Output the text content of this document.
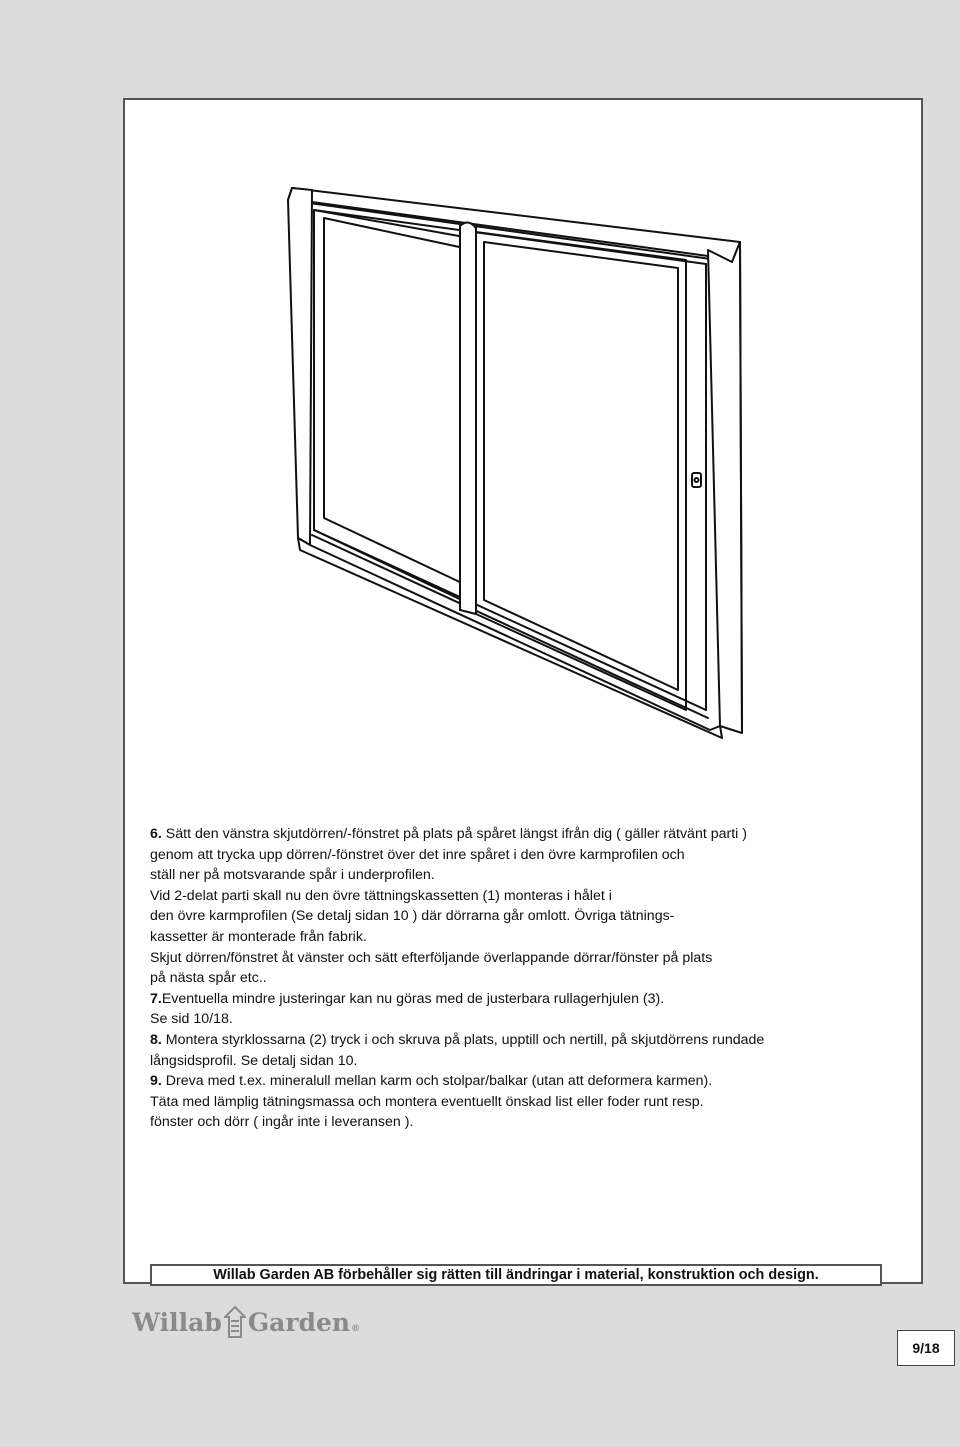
6. Sätt den vänstra skjutdörren/-fönstret på plats på spåret längst ifrån dig ( gäller rätvänt parti )

genom att trycka upp dörren/-fönstret över det inre spåret i den övre karmprofilen och

ställ ner på motsvarande spår i underprofilen.

Vid 2-delat parti skall nu den övre tättningskassetten (1) monteras i hålet i

den övre karmprofilen (Se detalj sidan 10 ) där dörrarna går omlott. Övriga tätnings-

kassetter är monterade från fabrik.

Skjut dörren/fönstret åt vänster och sätt efterföljande överlappande dörrar/fönster på plats

på nästa spår etc..

7.Eventuella mindre justeringar kan nu göras med de justerbara rullagerhjulen (3).

Se sid 10/18.

8. Montera styrklossarna (2) tryck i och skruva på plats, upptill och nertill, på skjutdörrens rundade

långsidsprofil. Se detalj sidan 10.

9. Dreva med t.ex. mineralull mellan karm och stolpar/balkar (utan att deformera karmen).

Täta med lämplig tätningsmassa och montera eventuellt önskad list eller foder runt resp.

fönster och dörr ( ingår inte i leveransen ).

Willab Garden AB förbehåller sig rätten till ändringar i material, konstruktion och design.
Willab Garden ®
9/18
